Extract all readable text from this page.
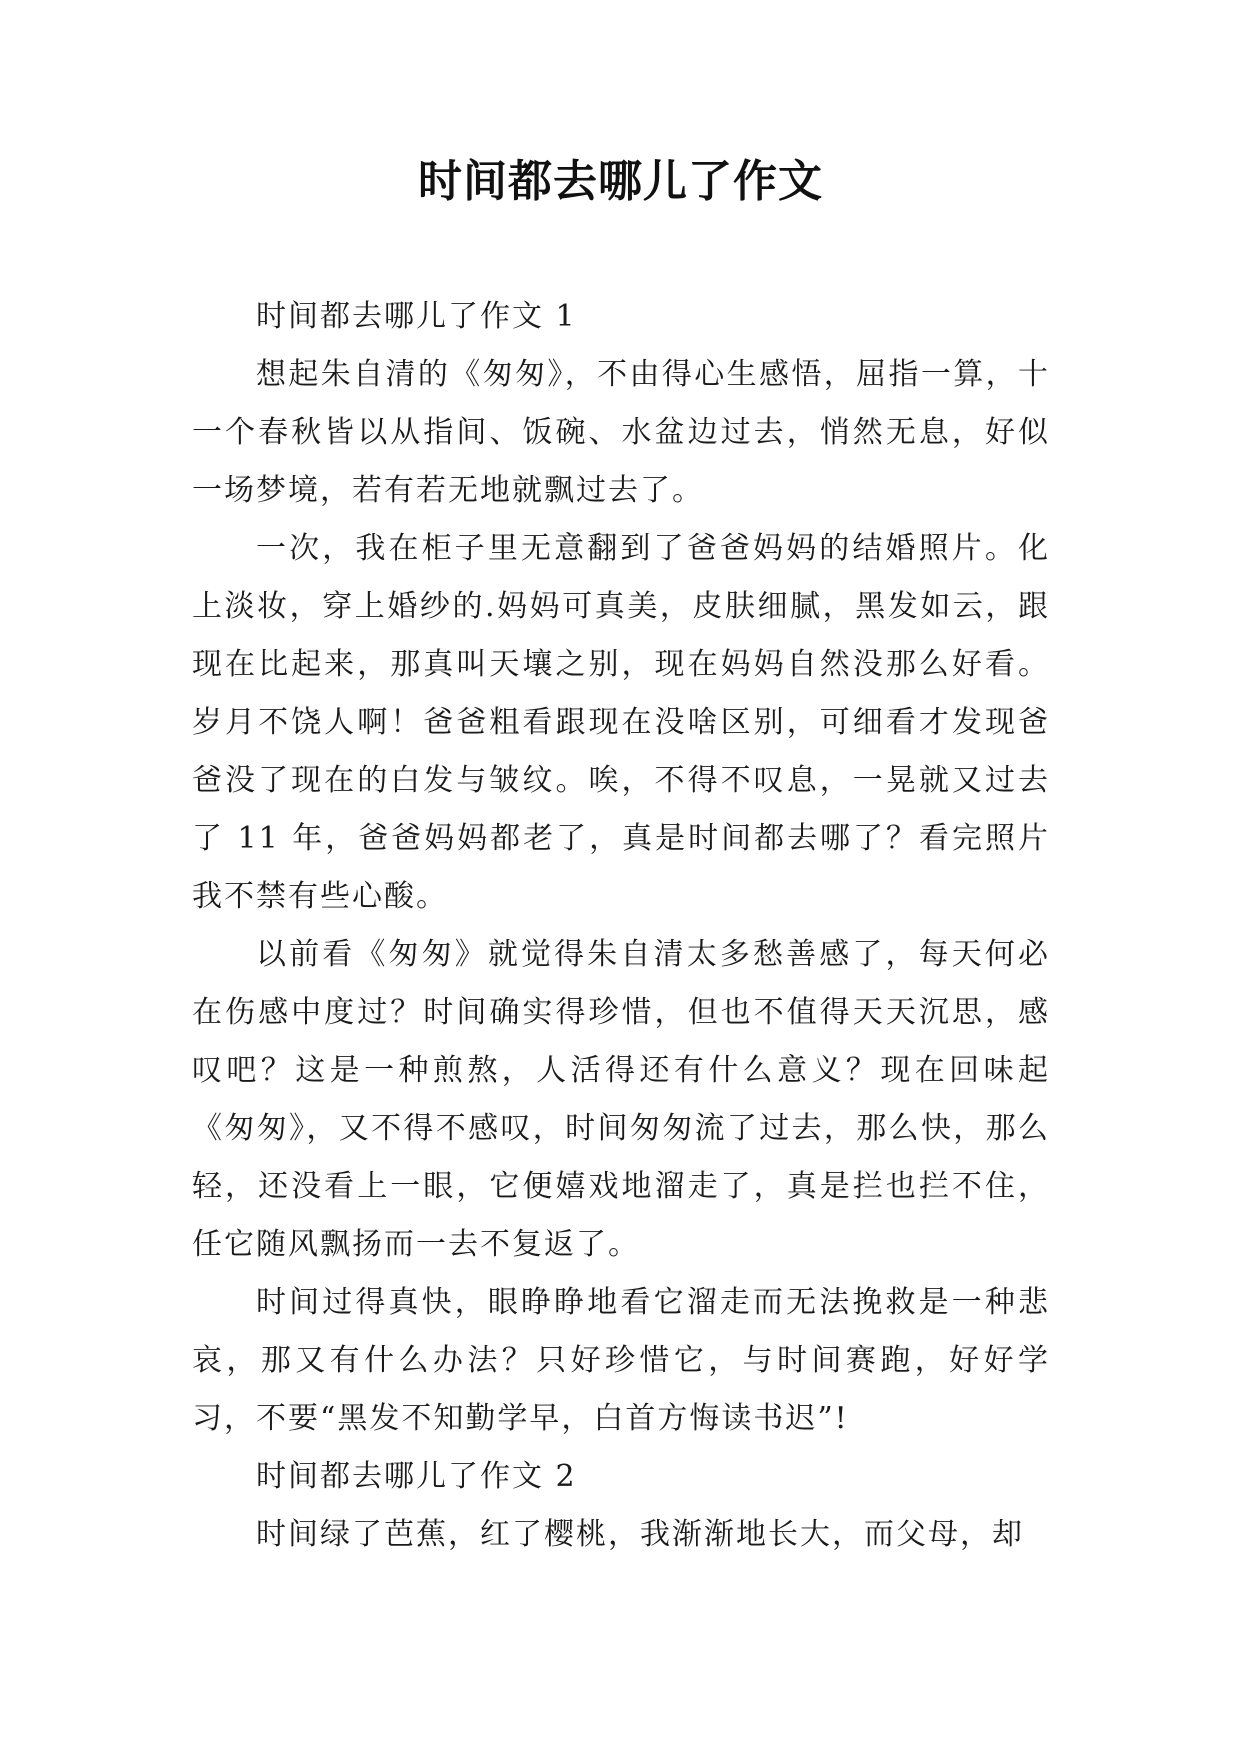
时间都去哪儿了作文

时间都去哪儿了作文 1

想起朱自清的《匆匆》，不由得心生感悟，屈指一算，十一个春秋皆以从指间、饭碗、水盆边过去，悄然无息，好似一场梦境，若有若无地就飘过去了。

一次，我在柜子里无意翻到了爸爸妈妈的结婚照片。化上淡妆，穿上婚纱的.妈妈可真美，皮肤细腻，黑发如云，跟现在比起来，那真叫天壤之别，现在妈妈自然没那么好看。岁月不饶人啊！爸爸粗看跟现在没啥区别，可细看才发现爸爸没了现在的白发与皱纹。唉，不得不叹息，一晃就又过去了 11 年，爸爸妈妈都老了，真是时间都去哪了？看完照片我不禁有些心酸。

以前看《匆匆》就觉得朱自清太多愁善感了，每天何必在伤感中度过？时间确实得珍惜，但也不值得天天沉思，感叹吧？这是一种煎熬，人活得还有什么意义？现在回味起《匆匆》，又不得不感叹，时间匆匆流了过去，那么快，那么轻，还没看上一眼，它便嬉戏地溜走了，真是拦也拦不住，任它随风飘扬而一去不复返了。

时间过得真快，眼睁睁地看它溜走而无法挽救是一种悲哀，那又有什么办法？只好珍惜它，与时间赛跑，好好学习，不要“黑发不知勤学早，白首方悔读书迟”!

时间都去哪儿了作文 2

时间绿了芭蕉，红了樱桃，我渐渐地长大，而父母，却
